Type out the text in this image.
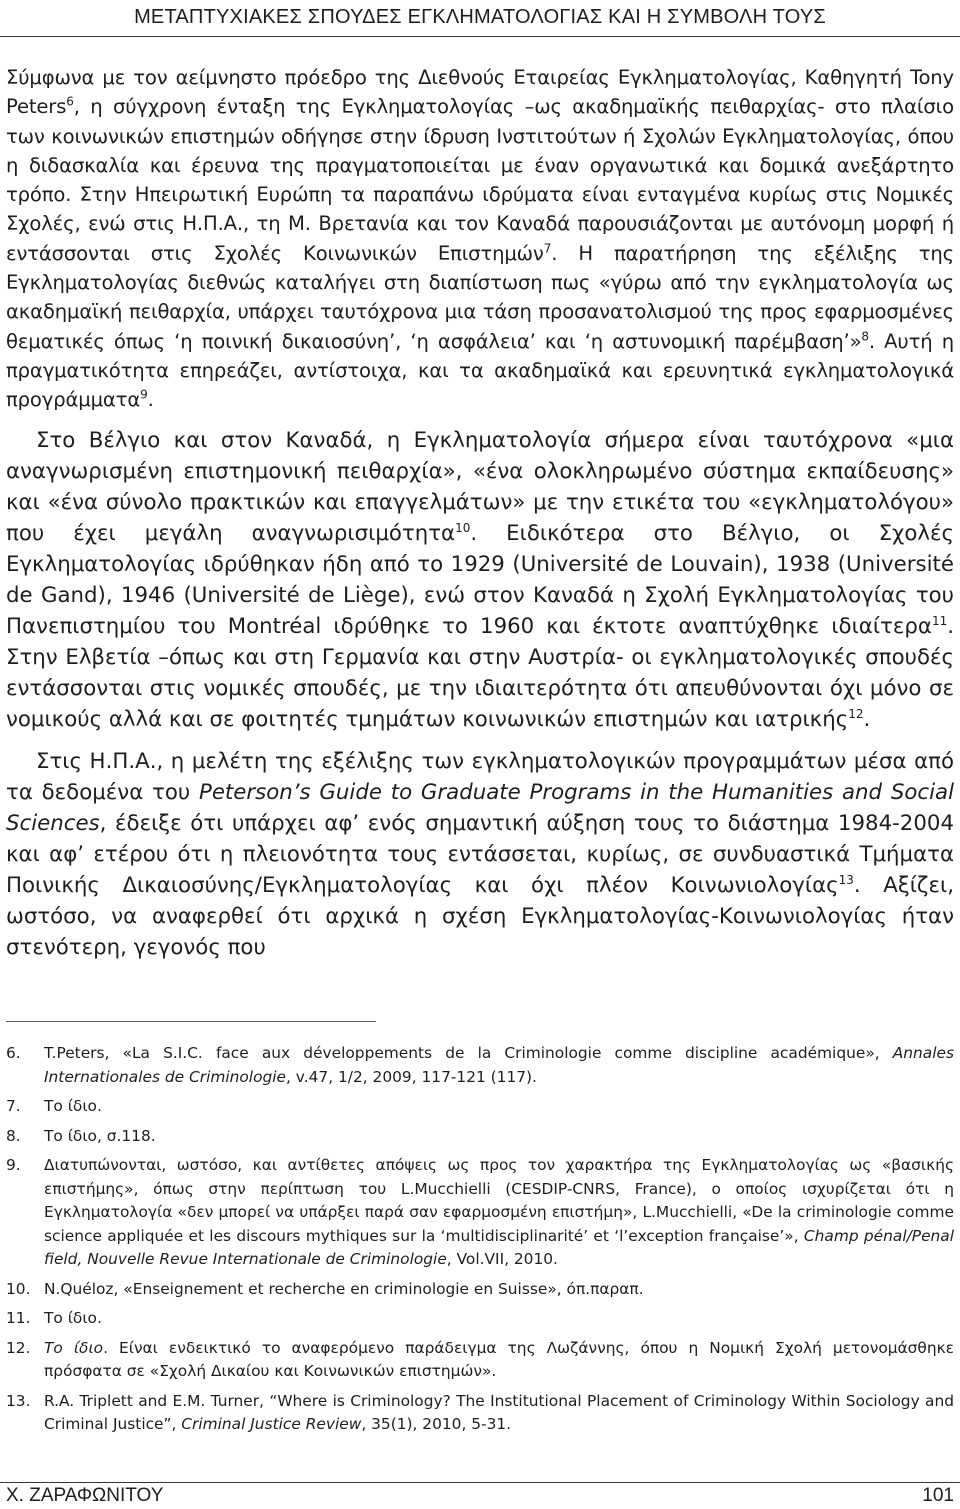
ΜΕΤΑΠΤΥΧΙΑΚΕΣ ΣΠΟΥΔΕΣ ΕΓΚΛΗΜΑΤΟΛΟΓΙΑΣ ΚΑΙ Η ΣΥΜΒΟΛΗ ΤΟΥΣ

Σύμφωνα με τον αείμνηστο πρόεδρο της Διεθνούς Εταιρείας Εγκληματολογίας, Καθηγητή Tony Peters$^6$, η σύγχρονη ένταξη της Εγκληματολογίας –ως ακαδημαϊκής πειθαρχίας- στο πλαίσιο των κοινωνικών επιστημών οδήγησε στην ίδρυση Ινστιτούτων ή Σχολών Εγκληματολογίας, όπου η διδασκαλία και έρευνα της πραγματοποιείται με έναν οργανωτικά και δομικά ανεξάρτητο τρόπο. Στην Ηπειρωτική Ευρώπη τα παραπάνω ιδρύματα είναι ενταγμένα κυρίως στις Νομικές Σχολές, ενώ στις Η.Π.Α., τη Μ. Βρετανία και τον Καναδά παρουσιάζονται με αυτόνομη μορφή ή εντάσσονται στις Σχολές Κοινωνικών Επιστημών$^7$. Η παρατήρηση της εξέλιξης της Εγκληματολογίας διεθνώς καταλήγει στη διαπίστωση πως «γύρω από την εγκληματολογία ως ακαδημαϊκή πειθαρχία, υπάρχει ταυτόχρονα μια τάση προσανατολισμού της προς εφαρμοσμένες θεματικές όπως ‘η ποινική δικαιοσύνη’, ‘η ασφάλεια’ και ‘η αστυνομική παρέμβαση’»$^8$. Αυτή η πραγματικότητα επηρεάζει, αντίστοιχα, και τα ακαδημαϊκά και ερευνητικά εγκληματολογικά προγράμματα$^9$.

Στο Βέλγιο και στον Καναδά, η Εγκληματολογία σήμερα είναι ταυτόχρονα «μια αναγνωρισμένη επιστημονική πειθαρχία», «ένα ολοκληρωμένο σύστημα εκπαίδευσης» και «ένα σύνολο πρακτικών και επαγγελμάτων» με την ετικέτα του «εγκληματολόγου» που έχει μεγάλη αναγνωρισιμότητα$^{10}$. Ειδικότερα στο Βέλγιο, οι Σχολές Εγκληματολογίας ιδρύθηκαν ήδη από το 1929 (Université de Louvain), 1938 (Université de Gand), 1946 (Université de Liège), ενώ στον Καναδά η Σχολή Εγκληματολογίας του Πανεπιστημίου του Montréal ιδρύθηκε το 1960 και έκτοτε αναπτύχθηκε ιδιαίτερα$^{11}$. Στην Ελβετία –όπως και στη Γερμανία και στην Αυστρία- οι εγκληματολογικές σπουδές εντάσσονται στις νομικές σπουδές, με την ιδιαιτερότητα ότι απευθύνονται όχι μόνο σε νομικούς αλλά και σε φοιτητές τμημάτων κοινωνικών επιστημών και ιατρικής$^{12}$.

Στις Η.Π.Α., η μελέτη της εξέλιξης των εγκληματολογικών προγραμμάτων μέσα από τα δεδομένα του Peterson’s Guide to Graduate Programs in the Humanities and Social Sciences, έδειξε ότι υπάρχει αφ’ ενός σημαντική αύξηση τους το διάστημα 1984-2004 και αφ’ ετέρου ότι η πλειονότητα τους εντάσσεται, κυρίως, σε συνδυαστικά Τμήματα Ποινικής Δικαιοσύνης/Εγκληματολογίας και όχι πλέον Κοινωνιολογίας$^{13}$. Αξίζει, ωστόσο, να αναφερθεί ότι αρχικά η σχέση Εγκληματολογίας-Κοινωνιολογίας ήταν στενότερη, γεγονός που

6.	T.Peters, «La S.I.C. face aux développements de la Criminologie comme discipline académique», Annales Internationales de Criminologie, v.47, 1/2, 2009, 117-121 (117).
7.	Το ίδιο.
8.	Το ίδιο, σ.118.
9.	Διατυπώνονται, ωστόσο, και αντίθετες απόψεις ως προς τον χαρακτήρα της Εγκληματολογίας ως «βασικής επιστήμης», όπως στην περίπτωση του L.Mucchielli (CESDIP-CNRS, France), ο οποίος ισχυρίζεται ότι η Εγκληματολογία «δεν μπορεί να υπάρξει παρά σαν εφαρμοσμένη επιστήμη», L.Mucchielli, «De la criminologie comme science appliquée et les discours mythiques sur la ‘multidisciplinarité’ et ‘l’exception française’», Champ pénal/Penal field, Nouvelle Revue Internationale de Criminologie, Vol.VII, 2010.
10. N.Quéloz, «Enseignement et recherche en criminologie en Suisse», όπ.παραπ.
11. Το ίδιο.
12. Το ίδιο. Είναι ενδεικτικό το αναφερόμενο παράδειγμα της Λωζάννης, όπου η Νομική Σχολή μετονομάσθηκε πρόσφατα σε «Σχολή Δικαίου και Κοινωνικών επιστημών».
13. R.A. Triplett and E.M. Turner, “Where is Criminology? The Institutional Placement of Criminology Within Sociology and Criminal Justice”, Criminal Justice Review, 35(1), 2010, 5-31.
Χ. ΖΑΡΑΦΩΝΙΤΟΥ	101
